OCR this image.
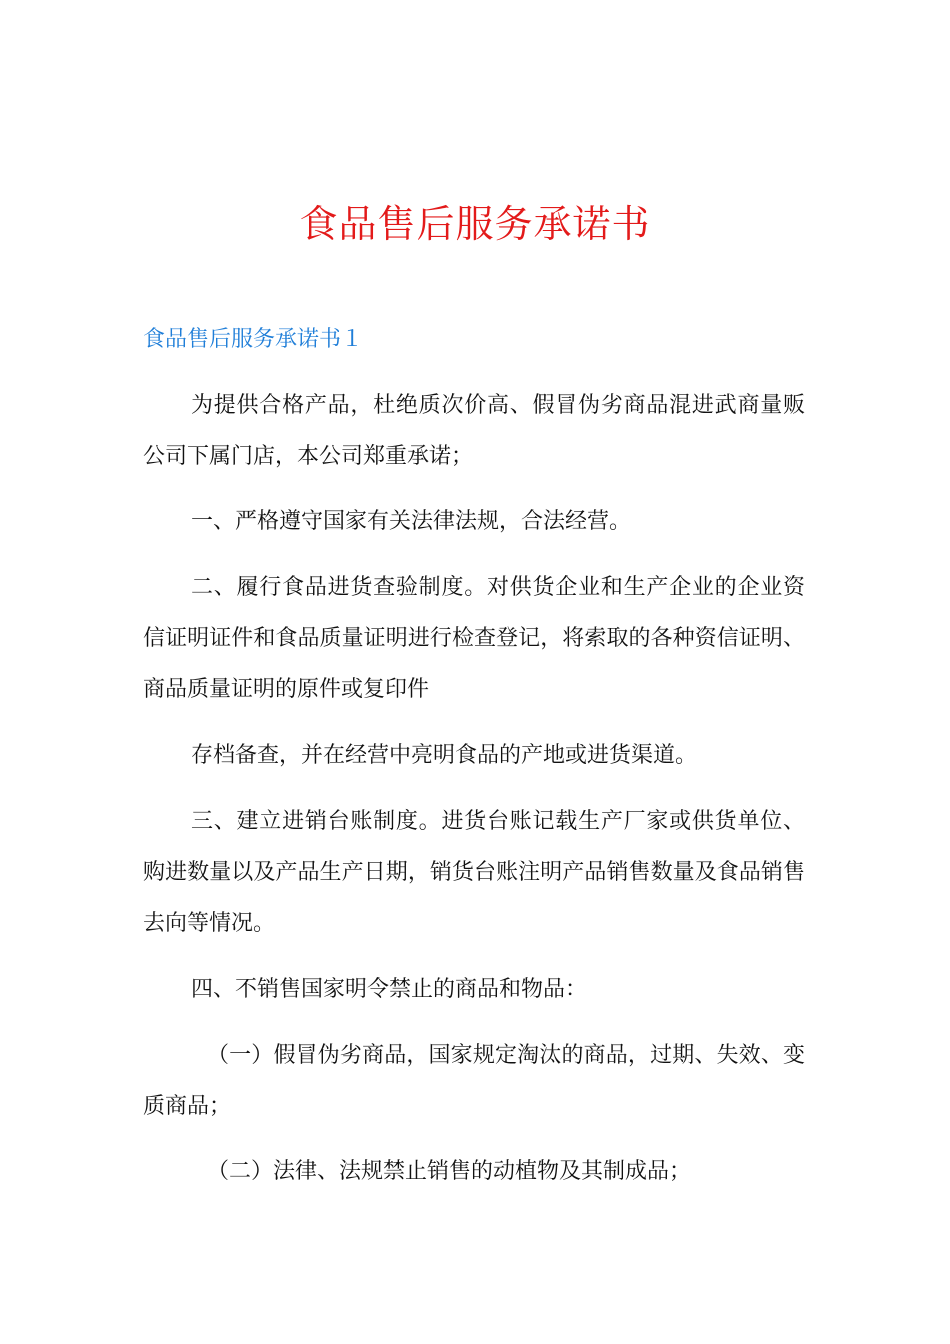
食品售后服务承诺书
食品售后服务承诺书１

为提供合格产品，杜绝质次价高、假冒伪劣商品混进武商量贩公司下属门店，本公司郑重承诺；

一、严格遵守国家有关法律法规，合法经营。

二、履行食品进货查验制度。对供货企业和生产企业的企业资信证明证件和食品质量证明进行检查登记，将索取的各种资信证明、商品质量证明的原件或复印件

存档备查，并在经营中亮明食品的产地或进货渠道。

三、建立进销台账制度。进货台账记载生产厂家或供货单位、购进数量以及产品生产日期，销货台账注明产品销售数量及食品销售去向等情况。

四、不销售国家明令禁止的商品和物品：

（一）假冒伪劣商品，国家规定淘汰的商品，过期、失效、变质商品；

（二）法律、法规禁止销售的动植物及其制成品；
